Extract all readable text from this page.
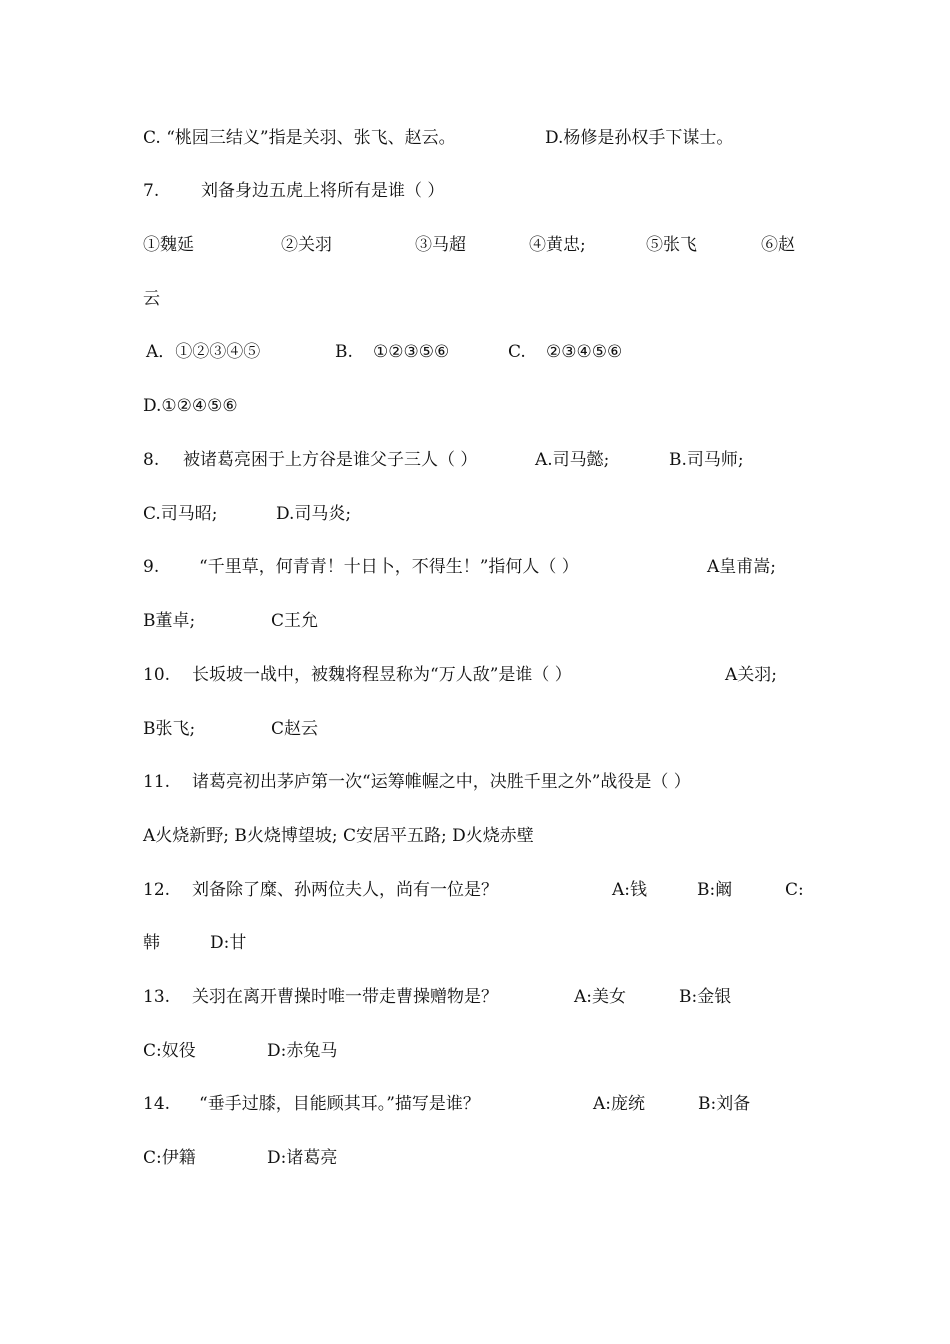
C. “桃园三结义”指是关羽、张飞、赵云。

	D.杨修是孙权手下谋士。

7.

刘备身边五虎上将所有是谁（ ）

①魏延

	②关羽

	③马超

	④黄忠;

	⑤张飞

	⑥赵

云

A．①②③④⑤

	B.

①②③⑤⑥

	C.

②③④⑤⑥

D.①②④⑤⑥

8.

被诸葛亮困于上方谷是谁父子三人（ ）

	A.司马懿;

	B.司马师;

C.司马昭;

	D.司马炎;

9.

“千里草，何青青！十日卜，不得生！”指何人（ ）

	A皇甫嵩;

B董卓;

	C王允

10.

长坂坡一战中，被魏将程昱称为“万人敌”是谁（ ）

	A关羽;

B张飞;

	C赵云

11.

诸葛亮初出茅庐第一次“运筹帷幄之中，决胜千里之外”战役是（ ）

A火烧新野; B火烧博望坡; C安居平五路; D火烧赤壁

12.

刘备除了糜、孙两位夫人，尚有一位是？

	A:钱

	B:阚

	C:

韩

	D:甘

13.

关羽在离开曹操时唯一带走曹操赠物是？

	A:美女

	B:金银

C:奴役

	D:赤兔马

14.

“垂手过膝，目能顾其耳。”描写是谁？

	A:庞统

	B:刘备

C:伊籍

	D:诸葛亮
